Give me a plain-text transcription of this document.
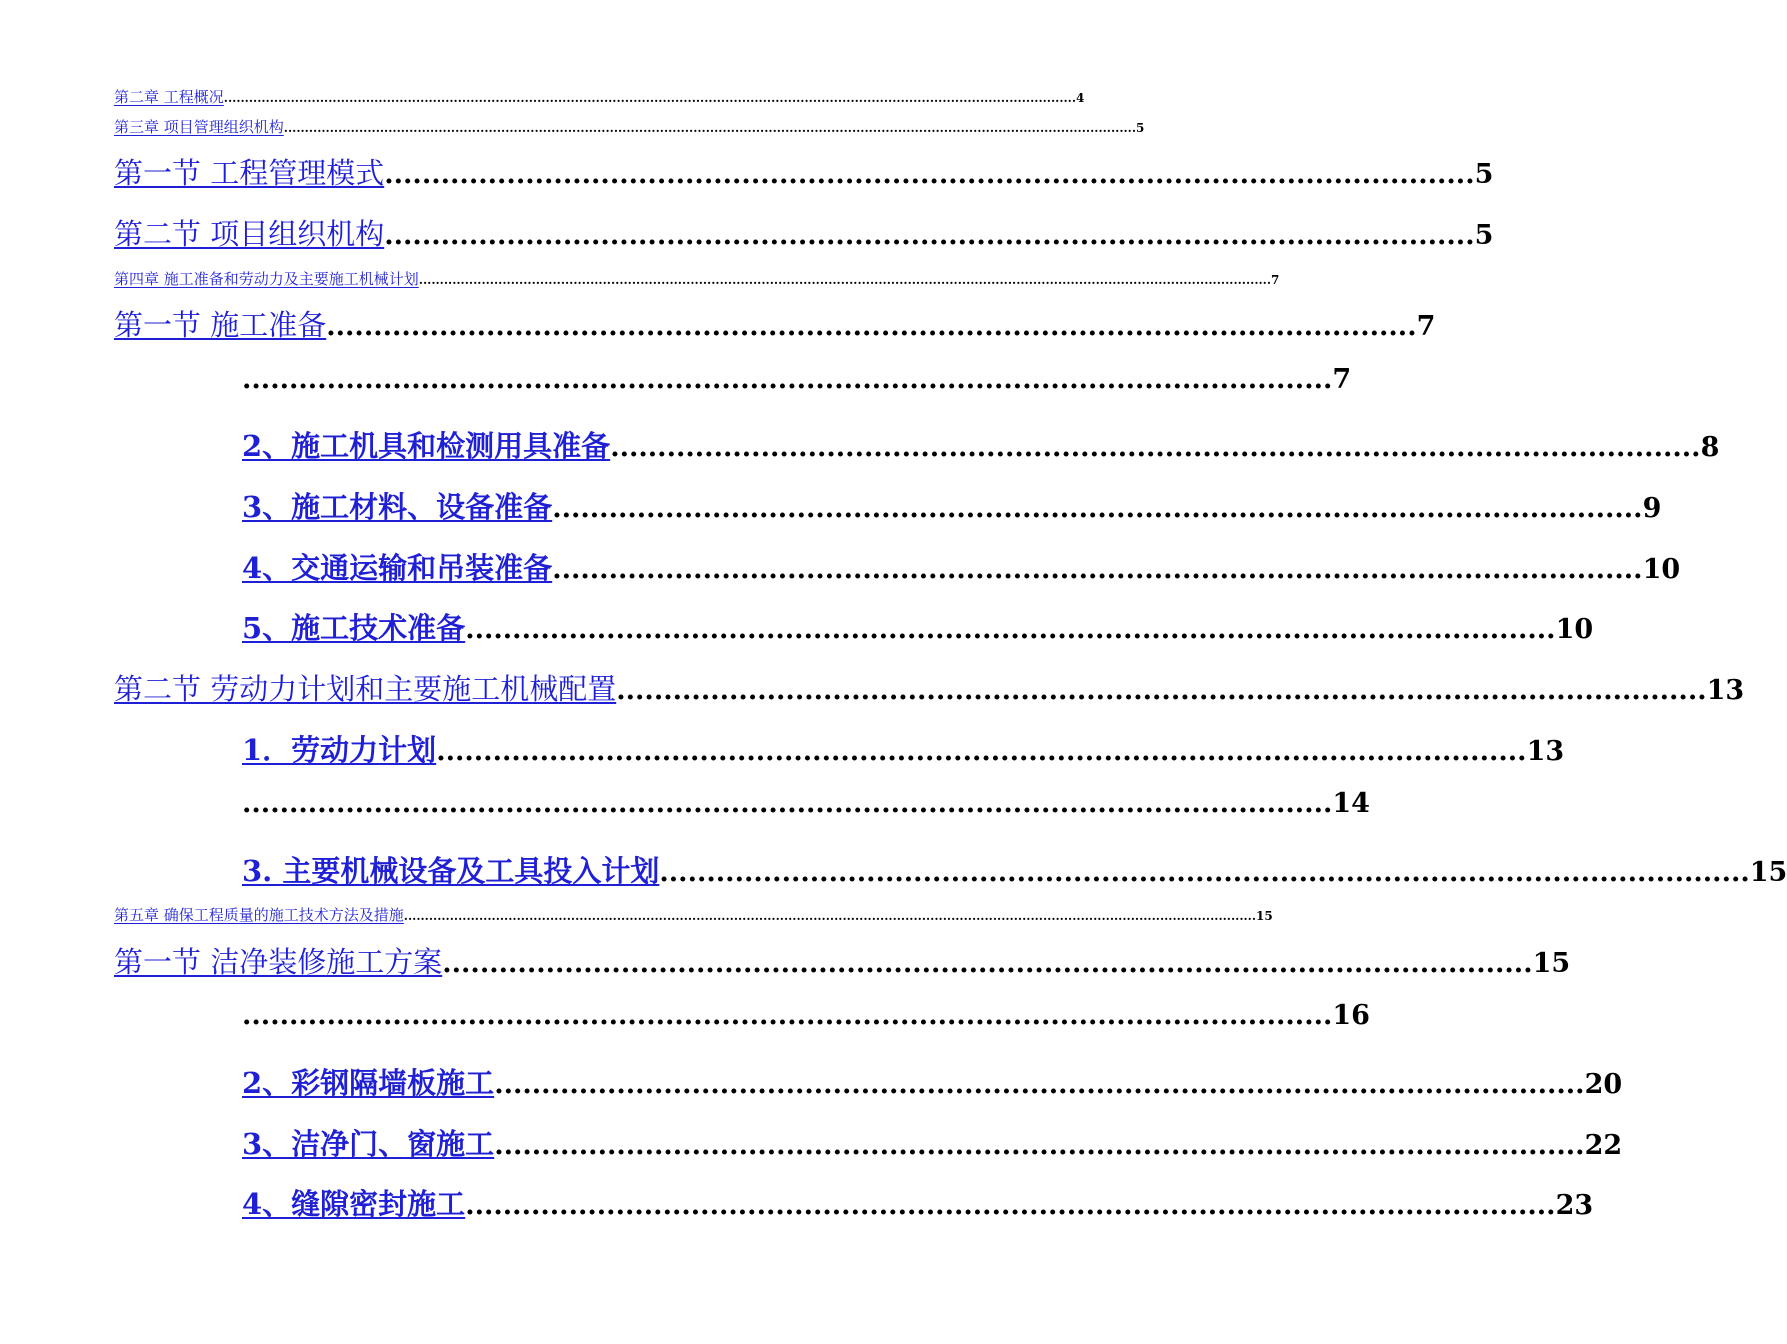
第二章 工程概况 ............................................................................................................................................................................................................ 4
第三章 项目管理组织机构 ............................................................................................................................................................................................................ 5
第一节 工程管理模式 .................................................................................................................... 5
第二节 项目组织机构 .................................................................................................................... 5
第四章 施工准备和劳动力及主要施工机械计划 ............................................................................................................................................................................................................ 7
第一节 施工准备 .................................................................................................................... 7
.................................................................................................................... 7
2、施工机具和检测用具准备 .................................................................................................................... 8
3、施工材料、设备准备 .................................................................................................................... 9
4、交通运输和吊装准备 .................................................................................................................... 10
5、施工技术准备 .................................................................................................................... 10
第二节 劳动力计划和主要施工机械配置 .................................................................................................................... 13
1．劳动力计划 .................................................................................................................... 13
.................................................................................................................... 14
3. 主要机械设备及工具投入计划 .................................................................................................................... 15
第五章 确保工程质量的施工技术方法及措施 ............................................................................................................................................................................................................ 15
第一节 洁净装修施工方案 .................................................................................................................... 15
.................................................................................................................... 16
2、彩钢隔墙板施工 .................................................................................................................... 20
3、洁净门、窗施工 .................................................................................................................... 22
4、缝隙密封施工 .................................................................................................................... 23
